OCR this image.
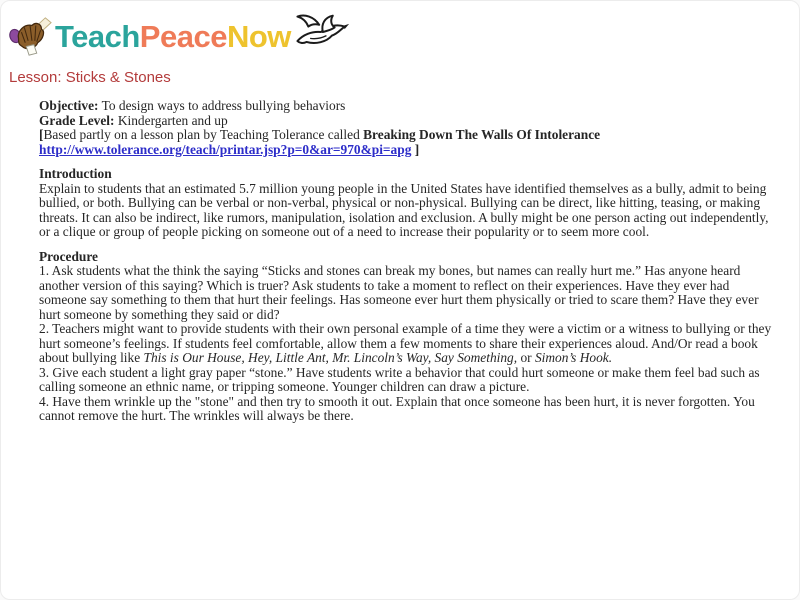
TeachPeaceNow
Lesson: Sticks & Stones

Objective: To design ways to address bullying behaviors

Grade Level: Kindergarten and up

[Based partly on a lesson plan by Teaching Tolerance called Breaking Down The Walls Of Intolerance
http://www.tolerance.org/teach/printar.jsp?p=0&ar=970&pi=apg ]

Introduction

Explain to students that an estimated 5.7 million young people in the United States have identified themselves as a bully, admit to being bullied, or both. Bullying can be verbal or non-verbal, physical or non-physical. Bullying can be direct, like hitting, teasing, or making threats. It can also be indirect, like rumors, manipulation, isolation and exclusion. A bully might be one person acting out independently, or a clique or group of people picking on someone out of a need to increase their popularity or to seem more cool.

Procedure

1. Ask students what the think the saying “Sticks and stones can break my bones, but names can really hurt me.” Has anyone heard another version of this saying? Which is truer? Ask students to take a moment to reflect on their experiences. Have they ever had someone say something to them that hurt their feelings. Has someone ever hurt them physically or tried to scare them? Have they ever hurt someone by something they said or did?

2. Teachers might want to provide students with their own personal example of a time they were a victim or a witness to bullying or they hurt someone’s feelings. If students feel comfortable, allow them a few moments to share their experiences aloud. And/Or read a book about bullying like This is Our House, Hey, Little Ant, Mr. Lincoln’s Way, Say Something, or Simon’s Hook.

3. Give each student a light gray paper “stone.” Have students write a behavior that could hurt someone or make them feel bad such as calling someone an ethnic name, or tripping someone. Younger children can draw a picture.

4. Have them wrinkle up the "stone" and then try to smooth it out. Explain that once someone has been hurt, it is never forgotten. You cannot remove the hurt. The wrinkles will always be there.
